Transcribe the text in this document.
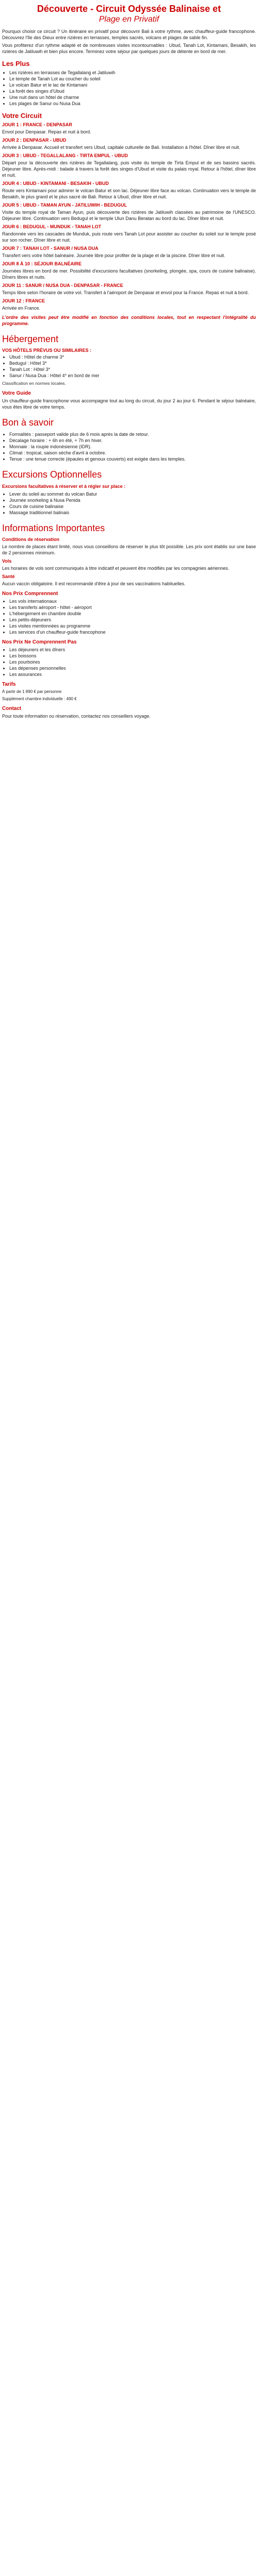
Découverte - Circuit Odyssée Balinaise et
Plage en Privatif

Pourquoi choisir ce circuit ? Un itinéraire en privatif pour découvrir Bali à votre rythme, avec chauffeur-guide francophone. Découvrez l'île des Dieux entre rizières en terrasses, temples sacrés, volcans et plages de sable fin.

Vous profiterez d'un rythme adapté et de nombreuses visites incontournables : Ubud, Tanah Lot, Kintamani, Besakih, les rizières de Jatiluwih et bien plus encore. Terminez votre séjour par quelques jours de détente en bord de mer.

Les Plus
• Les rizières en terrasses de Tegallalang et Jatiluwih
• Le temple de Tanah Lot au coucher du soleil
• Le volcan Batur et le lac de Kintamani
• La forêt des singes d'Ubud
• Une nuit dans un hôtel de charme
• Les plages de Sanur ou Nusa Dua
Votre Circuit
JOUR 1 : FRANCE - DENPASAR

Envol pour Denpasar. Repas et nuit à bord.

JOUR 2 : DENPASAR - UBUD

Arrivée à Denpasar. Accueil et transfert vers Ubud, capitale culturelle de Bali. Installation à l'hôtel. Dîner libre et nuit.

JOUR 3 : UBUD - TEGALLALANG - TIRTA EMPUL - UBUD

Départ pour la découverte des rizières de Tegallalang, puis visite du temple de Tirta Empul et de ses bassins sacrés. Déjeuner libre. Après-midi : balade à travers la forêt des singes d'Ubud et visite du palais royal. Retour à l'hôtel, dîner libre et nuit.

JOUR 4 : UBUD - KINTAMANI - BESAKIH - UBUD

Route vers Kintamani pour admirer le volcan Batur et son lac. Déjeuner libre face au volcan. Continuation vers le temple de Besakih, le plus grand et le plus sacré de Bali. Retour à Ubud, dîner libre et nuit.

JOUR 5 : UBUD - TAMAN AYUN - JATILUWIH - BEDUGUL

Visite du temple royal de Taman Ayun, puis découverte des rizières de Jatiluwih classées au patrimoine de l'UNESCO. Déjeuner libre. Continuation vers Bedugul et le temple Ulun Danu Beratan au bord du lac. Dîner libre et nuit.

JOUR 6 : BEDUGUL - MUNDUK - TANAH LOT

Randonnée vers les cascades de Munduk, puis route vers Tanah Lot pour assister au coucher du soleil sur le temple posé sur son rocher. Dîner libre et nuit.

JOUR 7 : TANAH LOT - SANUR / NUSA DUA

Transfert vers votre hôtel balnéaire. Journée libre pour profiter de la plage et de la piscine. Dîner libre et nuit.

JOUR 8 À 10 : SÉJOUR BALNÉAIRE

Journées libres en bord de mer. Possibilité d'excursions facultatives (snorkeling, plongée, spa, cours de cuisine balinaise). Dîners libres et nuits.

JOUR 11 : SANUR / NUSA DUA - DENPASAR - FRANCE

Temps libre selon l'horaire de votre vol. Transfert à l'aéroport de Denpasar et envol pour la France. Repas et nuit à bord.

JOUR 12 : FRANCE

Arrivée en France.

L'ordre des visites peut être modifié en fonction des conditions locales, tout en respectant l'intégralité du programme.

Hébergement
VOS HÔTELS PRÉVUS OU SIMILAIRES :
• Ubud : Hôtel de charme 3*
• Bedugul : Hôtel 3*
• Tanah Lot : Hôtel 3*
• Sanur / Nusa Dua : Hôtel 4* en bord de mer

Classification en normes locales.

Votre Guide

Un chauffeur-guide francophone vous accompagne tout au long du circuit, du jour 2 au jour 6. Pendant le séjour balnéaire, vous êtes libre de votre temps.

Bon à savoir
• Formalités : passeport valide plus de 6 mois après la date de retour.
• Décalage horaire : + 6h en été, + 7h en hiver.
• Monnaie : la roupie indonésienne (IDR).
• Climat : tropical, saison sèche d'avril à octobre.
• Tenue : une tenue correcte (épaules et genoux couverts) est exigée dans les temples.
Excursions Optionnelles

Excursions facultatives à réserver et à régler sur place :

• Lever du soleil au sommet du volcan Batur
• Journée snorkeling à Nusa Penida
• Cours de cuisine balinaise
• Massage traditionnel balinais
Informations Importantes
Conditions de réservation

Le nombre de places étant limité, nous vous conseillons de réserver le plus tôt possible. Les prix sont établis sur une base de 2 personnes minimum.

Vols

Les horaires de vols sont communiqués à titre indicatif et peuvent être modifiés par les compagnies aériennes.

Santé

Aucun vaccin obligatoire. Il est recommandé d'être à jour de ses vaccinations habituelles.

Nos Prix Comprennent
• Les vols internationaux
• Les transferts aéroport - hôtel - aéroport
• L'hébergement en chambre double
• Les petits-déjeuners
• Les visites mentionnées au programme
• Les services d'un chauffeur-guide francophone
Nos Prix Ne Comprennent Pas
• Les déjeuners et les dîners
• Les boissons
• Les pourboires
• Les dépenses personnelles
• Les assurances
Tarifs

À partir de 1 890 € par personne

Supplément chambre individuelle : 490 €

Contact

Pour toute information ou réservation, contactez nos conseillers voyage.
